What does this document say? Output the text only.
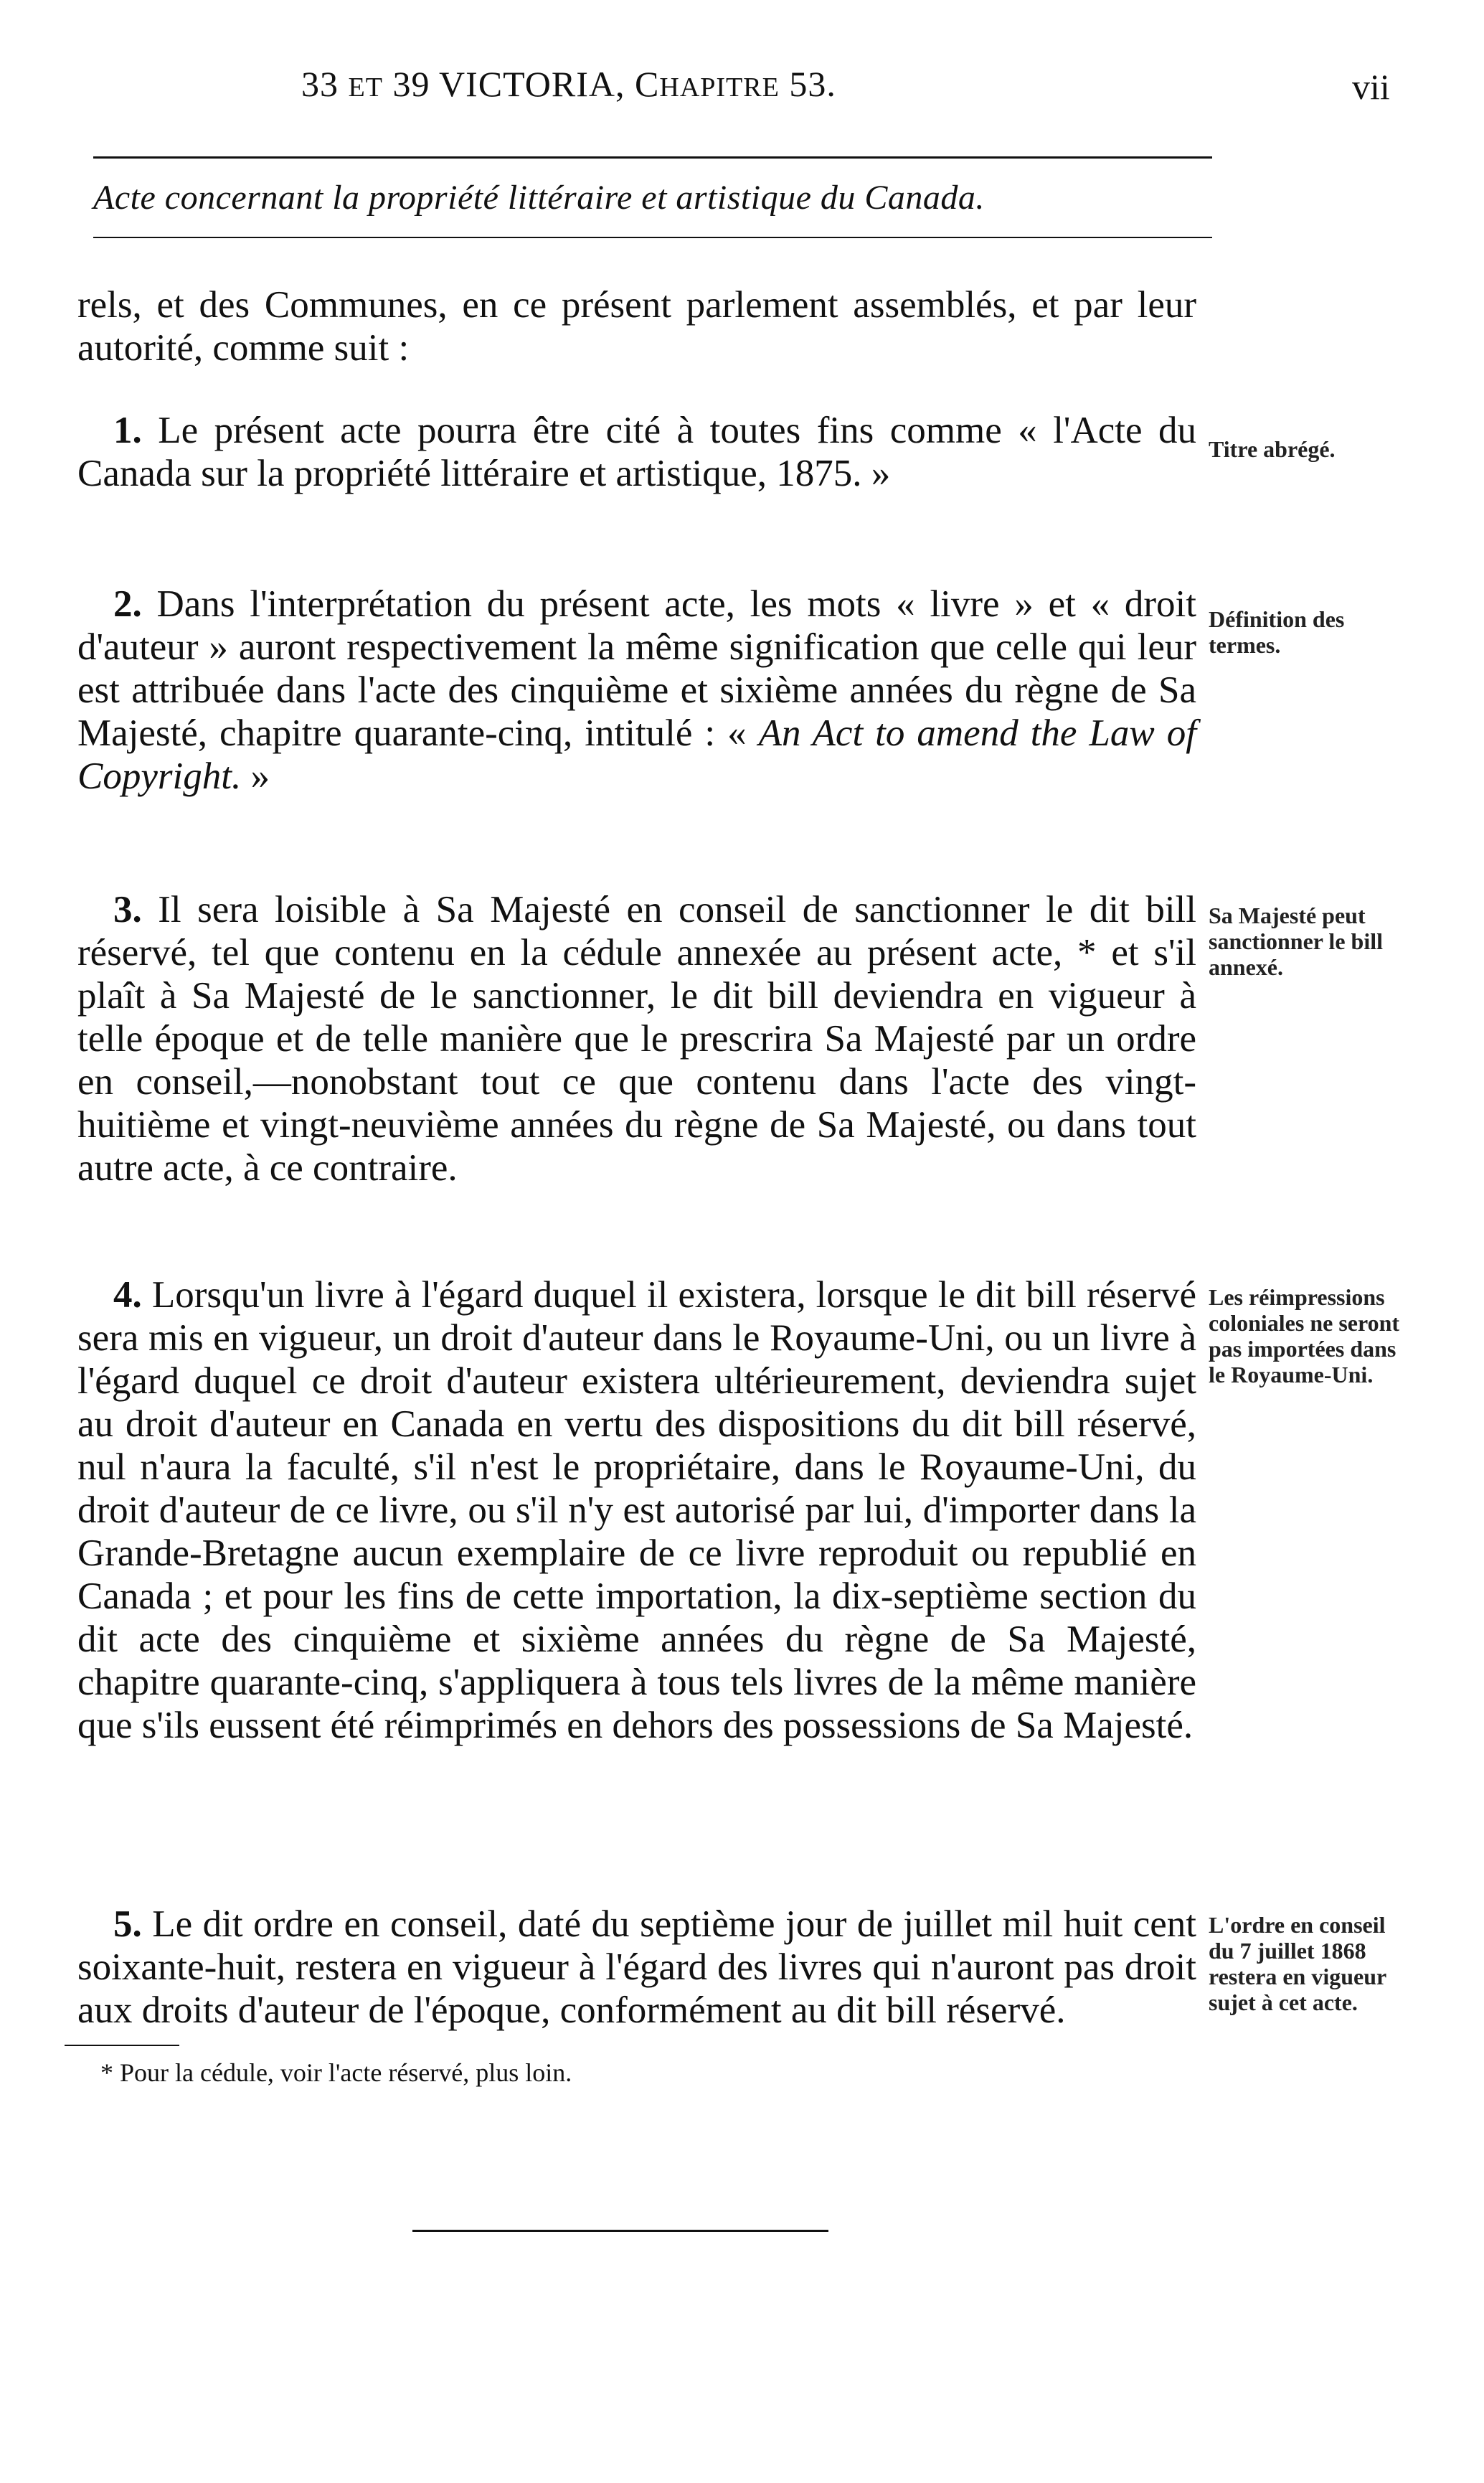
33 ET 39 VICTORIA, CHAPITRE 53.	vii
Acte concernant la propriété littéraire et artistique du Canada.
rels, et des Communes, en ce présent parlement assemblés, et par leur autorité, comme suit :
1. Le présent acte pourra être cité à toutes fins comme « l'Acte du Canada sur la propriété littéraire et artistique, 1875. »
Titre abrégé.
2. Dans l'interprétation du présent acte, les mots « livre » et « droit d'auteur » auront respectivement la même signification que celle qui leur est attribuée dans l'acte des cinquième et sixième années du règne de Sa Majesté, chapitre quarante-cinq, intitulé : « An Act to amend the Law of Copyright. »
Définition des termes.
3. Il sera loisible à Sa Majesté en conseil de sanctionner le dit bill réservé, tel que contenu en la cédule annexée au présent acte, * et s'il plaît à Sa Majesté de le sanctionner, le dit bill deviendra en vigueur à telle époque et de telle manière que le prescrira Sa Majesté par un ordre en conseil,—nonobstant tout ce que contenu dans l'acte des vingt-huitième et vingt-neuvième années du règne de Sa Majesté, ou dans tout autre acte, à ce contraire.
Sa Majesté peut sanctionner le bill annexé.
4. Lorsqu'un livre à l'égard duquel il existera, lorsque le dit bill réservé sera mis en vigueur, un droit d'auteur dans le Royaume-Uni, ou un livre à l'égard duquel ce droit d'auteur existera ultérieurement, deviendra sujet au droit d'auteur en Canada en vertu des dispositions du dit bill réservé, nul n'aura la faculté, s'il n'est le propriétaire, dans le Royaume-Uni, du droit d'auteur de ce livre, ou s'il n'y est autorisé par lui, d'importer dans la Grande-Bretagne aucun exemplaire de ce livre reproduit ou republié en Canada ; et pour les fins de cette importation, la dix-septième section du dit acte des cinquième et sixième années du règne de Sa Majesté, chapitre quarante-cinq, s'appliquera à tous tels livres de la même manière que s'ils eussent été réimprimés en dehors des possessions de Sa Majesté.
Les réimpressions coloniales ne seront pas importées dans le Royaume-Uni.
5. Le dit ordre en conseil, daté du septième jour de juillet mil huit cent soixante-huit, restera en vigueur à l'égard des livres qui n'auront pas droit aux droits d'auteur de l'époque, conformément au dit bill réservé.
L'ordre en conseil du 7 juillet 1868 restera en vigueur sujet à cet acte.
* Pour la cédule, voir l'acte réservé, plus loin.
